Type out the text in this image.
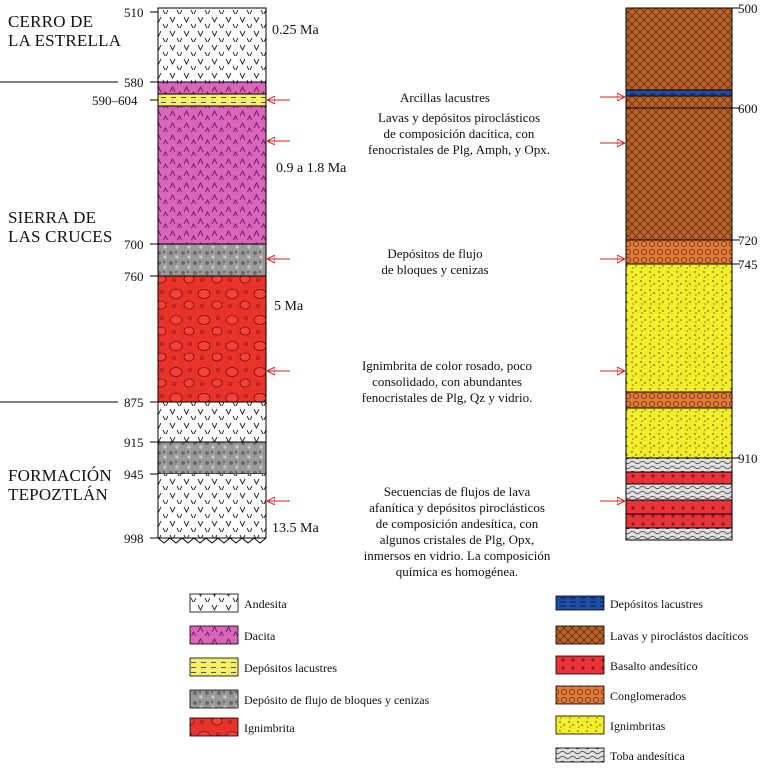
CERRO DE
LA ESTRELLA
SIERRA DE
LAS CRUCES
FORMACIÓN
TEPOZTLÁN
510
580
590–604
700
760
875
915
945
998
0.25 Ma
0.9 a 1.8 Ma
5 Ma
13.5 Ma
500
600
720
745
910
Arcillas lacustres
Lavas y depósitos piroclásticos
de composición dacítica, con
fenocristales de Plg, Amph, y Opx.
Depósitos de flujo
de bloques y cenizas
Ignimbrita de color rosado, poco
consolidado, con abundantes
fenocristales de Plg, Qz y vidrio.
Secuencias de flujos de lava
afanítica y depósitos piroclásticos
de composición andesítica, con
algunos cristales de Plg, Opx,
inmersos en vidrio. La composición
química es homogénea.
Andesita
Dacita
Depósitos lacustres
Depósito de flujo de bloques y cenizas
Ignimbrita
Depósitos lacustres
Lavas y piroclástos dacíticos
Basalto andesítico
Conglomerados
Ignimbritas
Toba andesítica
